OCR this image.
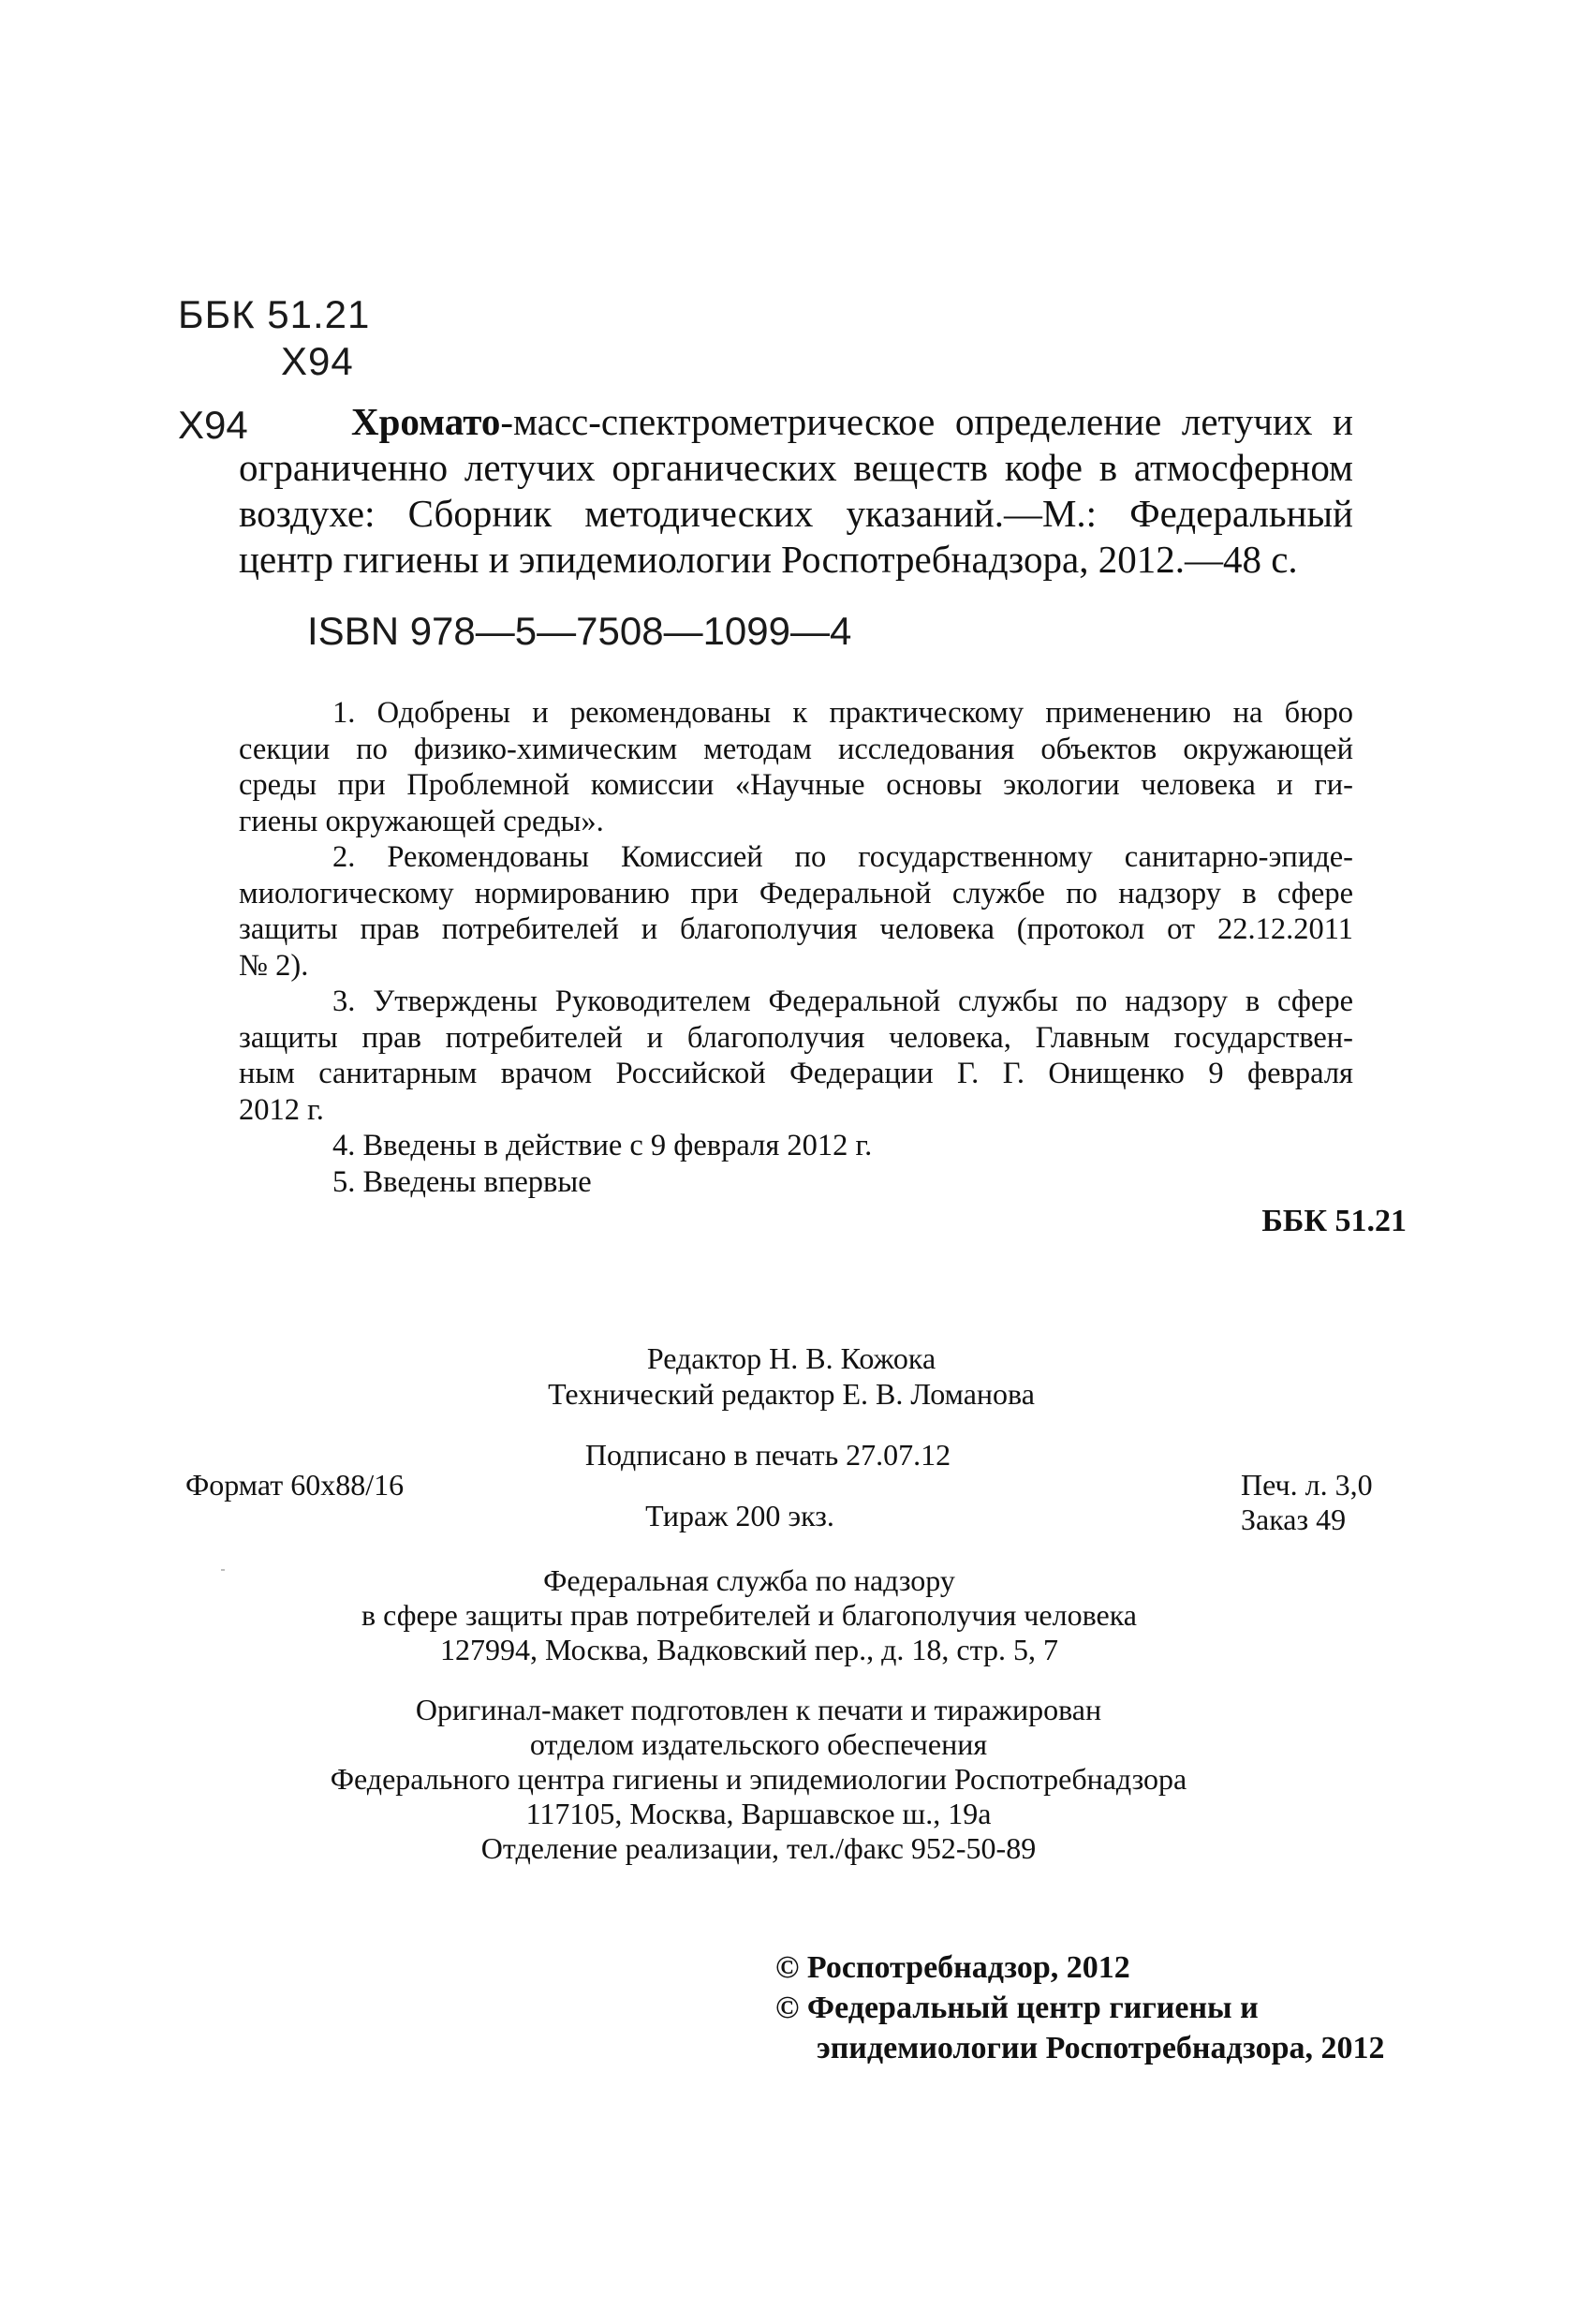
ББК 51.21
Х94
Х94	Хромато-масс-спектрометрическое определение летучих и
ограниченно летучих органических веществ кофе в атмосферном
воздухе: Сборник методических указаний.—М.: Федеральный
центр гигиены и эпидемиологии Роспотребнадзора, 2012.—48 с.
ISBN 978—5—7508—1099—4
1. Одобрены и рекомендованы к практическому применению на бюро
секции по физико-химическим методам исследования объектов окружающей
среды при Проблемной комиссии «Научные основы экологии человека и ги-
гиены окружающей среды».
2. Рекомендованы Комиссией по государственному санитарно-эпиде-
миологическому нормированию при Федеральной службе по надзору в сфере
защиты прав потребителей и благополучия человека (протокол от 22.12.2011
№ 2).
3. Утверждены Руководителем Федеральной службы по надзору в сфере
защиты прав потребителей и благополучия человека, Главным государствен-
ным санитарным врачом Российской Федерации Г. Г. Онищенко 9 февраля
2012 г.
4. Введены в действие с 9 февраля 2012 г.
5. Введены впервые
ББК 51.21
Редактор Н. В. Кожока
Технический редактор Е. В. Ломанова
Подписано в печать 27.07.12
Формат 60x88/16	Печ. л. 3,0
Тираж 200 экз.	Заказ 49
Федеральная служба по надзору
в сфере защиты прав потребителей и благополучия человека
127994, Москва, Вадковский пер., д. 18, стр. 5, 7
Оригинал-макет подготовлен к печати и тиражирован
отделом издательского обеспечения
Федерального центра гигиены и эпидемиологии Роспотребнадзора
117105, Москва, Варшавское ш., 19а
Отделение реализации, тел./факс 952-50-89
© Роспотребнадзор, 2012
© Федеральный центр гигиены и
эпидемиологии Роспотребнадзора, 2012
